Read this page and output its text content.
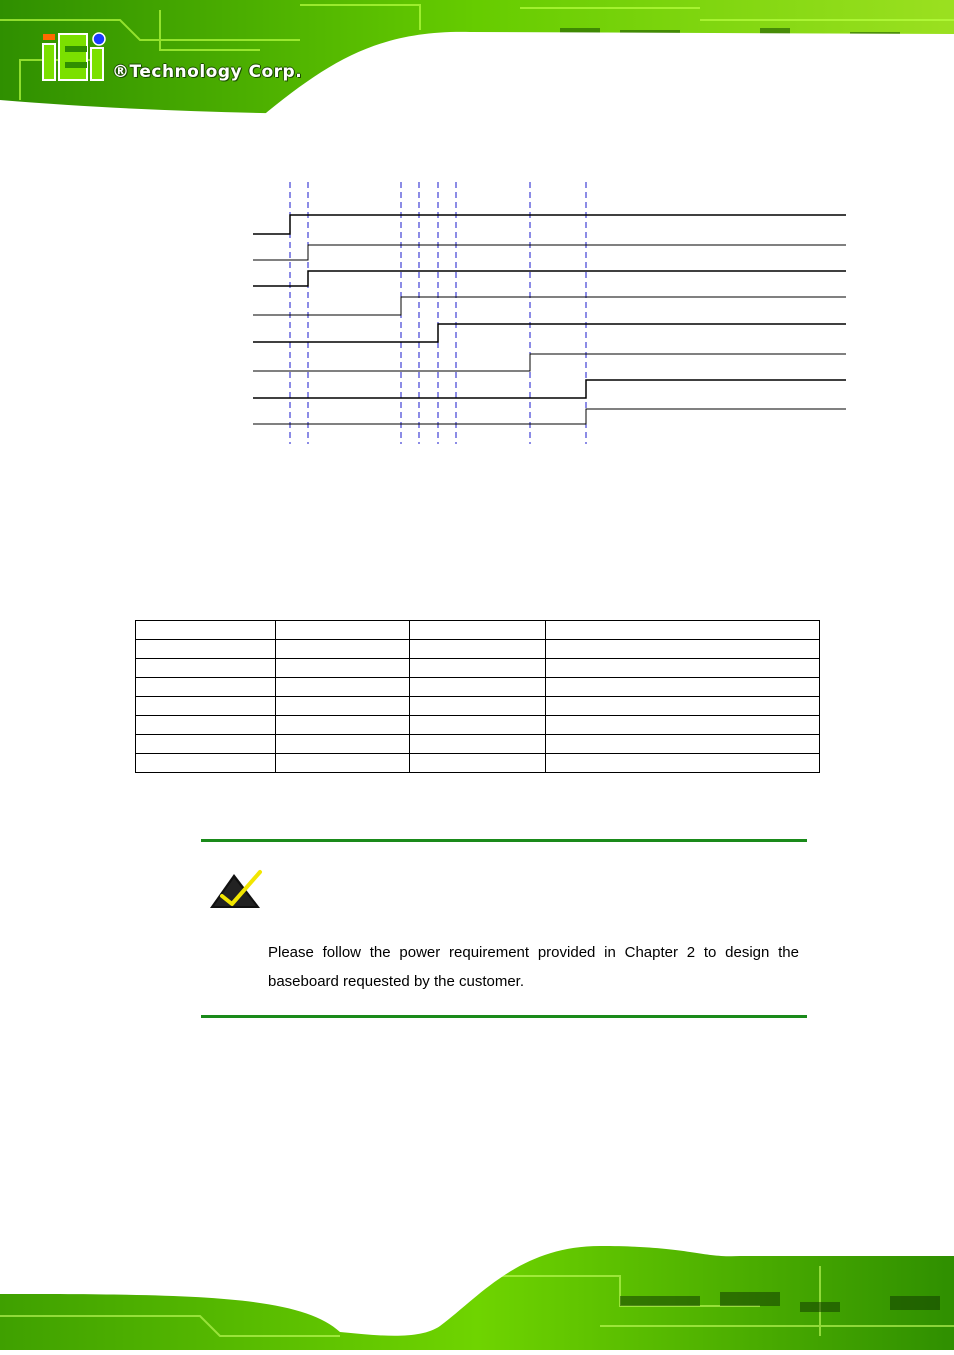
®Technology Corp.

Please follow the power requirement provided in Chapter 2 to design the baseboard requested by the customer.
